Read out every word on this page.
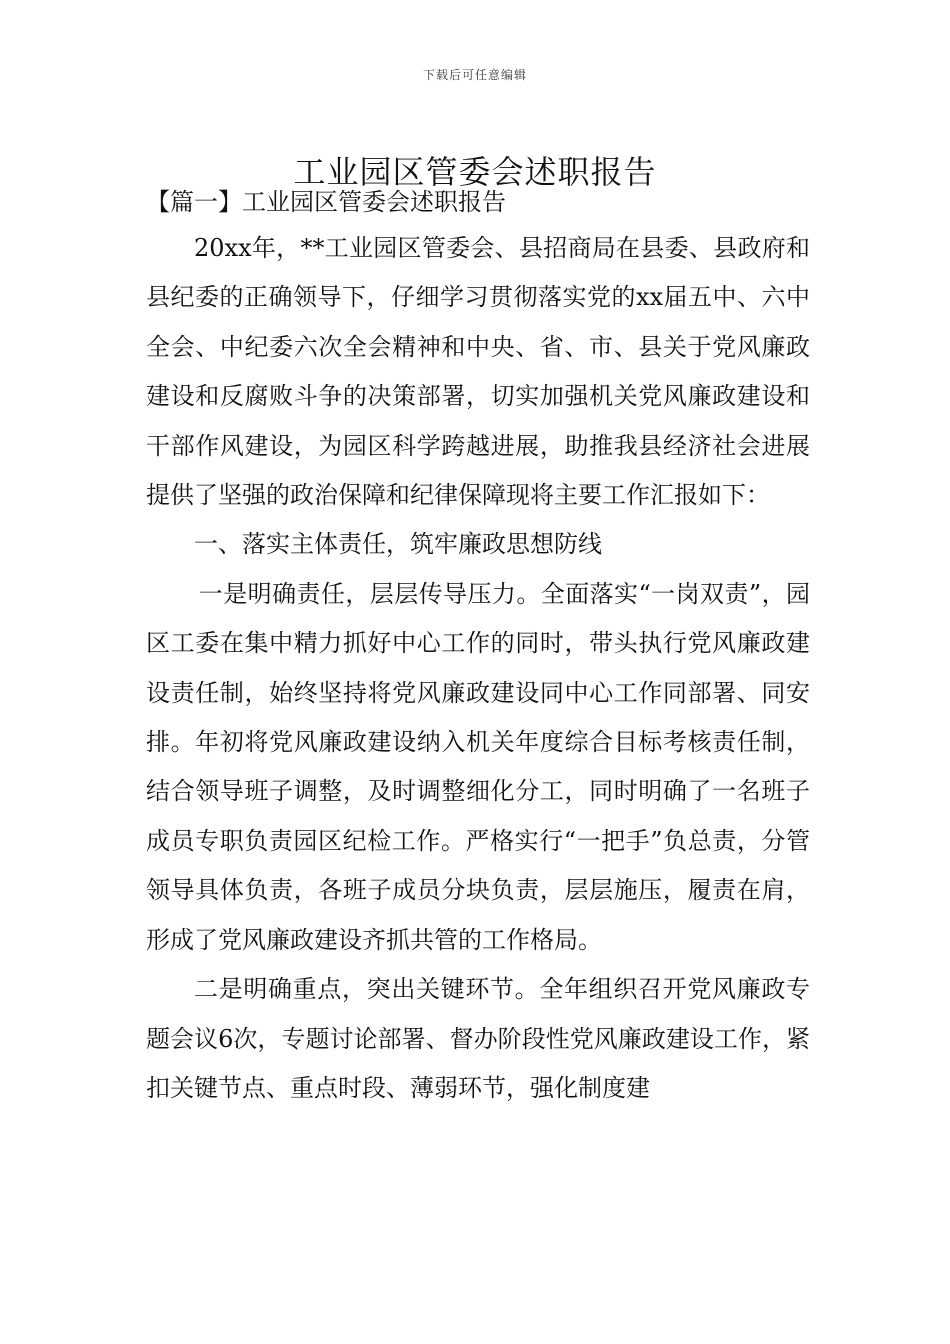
下载后可任意编辑
工业园区管委会述职报告
【篇一】工业园区管委会述职报告

20xx年，**工业园区管委会、县招商局在县委、县政府和县纪委的正确领导下，仔细学习贯彻落实党的xx届五中、六中全会、中纪委六次全会精神和中央、省、市、县关于党风廉政建设和反腐败斗争的决策部署，切实加强机关党风廉政建设和干部作风建设，为园区科学跨越进展，助推我县经济社会进展提供了坚强的政治保障和纪律保障现将主要工作汇报如下：

一、落实主体责任，筑牢廉政思想防线

一是明确责任，层层传导压力。全面落实“一岗双责”，园区工委在集中精力抓好中心工作的同时，带头执行党风廉政建设责任制，始终坚持将党风廉政建设同中心工作同部署、同安排。年初将党风廉政建设纳入机关年度综合目标考核责任制，结合领导班子调整，及时调整细化分工，同时明确了一名班子成员专职负责园区纪检工作。严格实行“一把手”负总责，分管领导具体负责，各班子成员分块负责，层层施压，履责在肩，形成了党风廉政建设齐抓共管的工作格局。

二是明确重点，突出关键环节。全年组织召开党风廉政专题会议6次，专题讨论部署、督办阶段性党风廉政建设工作，紧扣关键节点、重点时段、薄弱环节，强化制度建
